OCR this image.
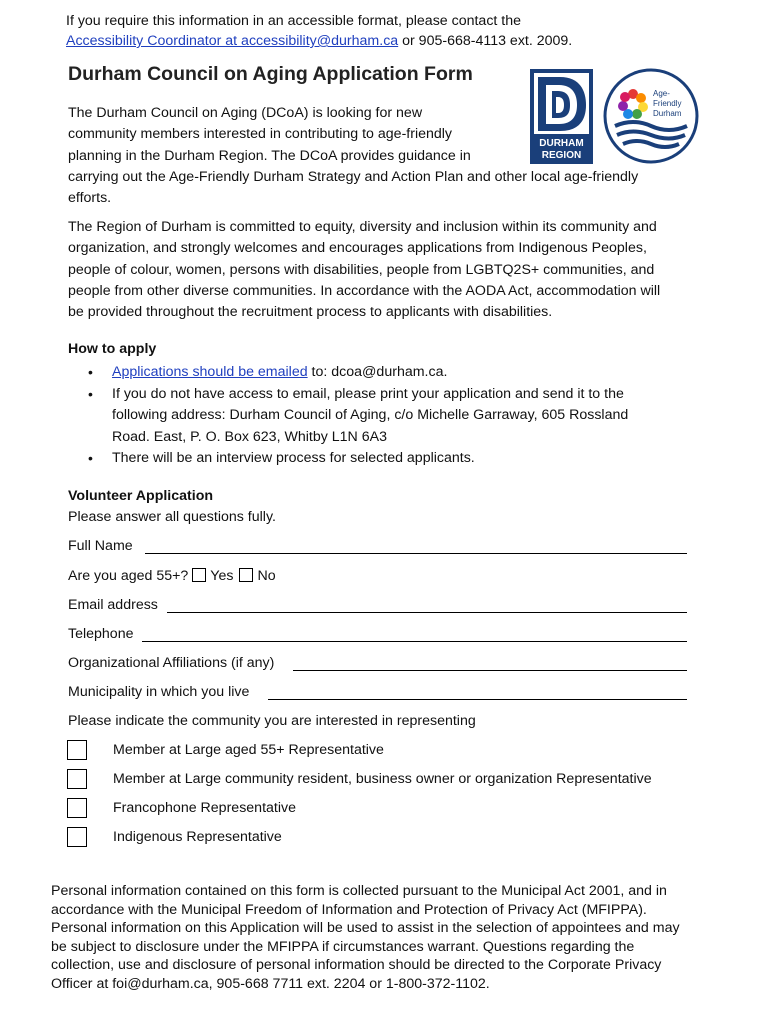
If you require this information in an accessible format, please contact the
Accessibility Coordinator at accessibility@durham.ca or 905-668-4113 ext. 2009.
Durham Council on Aging Application Form
DURHAM
REGION
Age-
Friendly
Durham
The Durham Council on Aging (DCoA) is looking for new
community members interested in contributing to age-friendly
planning in the Durham Region. The DCoA provides guidance in
carrying out the Age-Friendly Durham Strategy and Action Plan and other local age-friendly
efforts.
The Region of Durham is committed to equity, diversity and inclusion within its community and
organization, and strongly welcomes and encourages applications from Indigenous Peoples,
people of colour, women, persons with disabilities, people from LGBTQ2S+ communities, and
people from other diverse communities. In accordance with the AODA Act, accommodation will
be provided throughout the recruitment process to applicants with disabilities.
How to apply
• Applications should be emailed to: dcoa@durham.ca.
• If you do not have access to email, please print your application and send it to the
following address: Durham Council of Aging, c/o Michelle Garraway, 605 Rossland
Road. East, P. O. Box 623, Whitby L1N 6A3
• There will be an interview process for selected applicants.
Volunteer Application
Please answer all questions fully.
Full Name
Are you aged 55+? Yes No
Email address
Telephone
Organizational Affiliations (if any)
Municipality in which you live
Please indicate the community you are interested in representing
Member at Large aged 55+ Representative
Member at Large community resident, business owner or organization Representative
Francophone Representative
Indigenous Representative
Personal information contained on this form is collected pursuant to the Municipal Act 2001, and in
accordance with the Municipal Freedom of Information and Protection of Privacy Act (MFIPPA).
Personal information on this Application will be used to assist in the selection of appointees and may
be subject to disclosure under the MFIPPA if circumstances warrant. Questions regarding the
collection, use and disclosure of personal information should be directed to the Corporate Privacy
Officer at foi@durham.ca, 905-668 7711 ext. 2204 or 1-800-372-1102.
